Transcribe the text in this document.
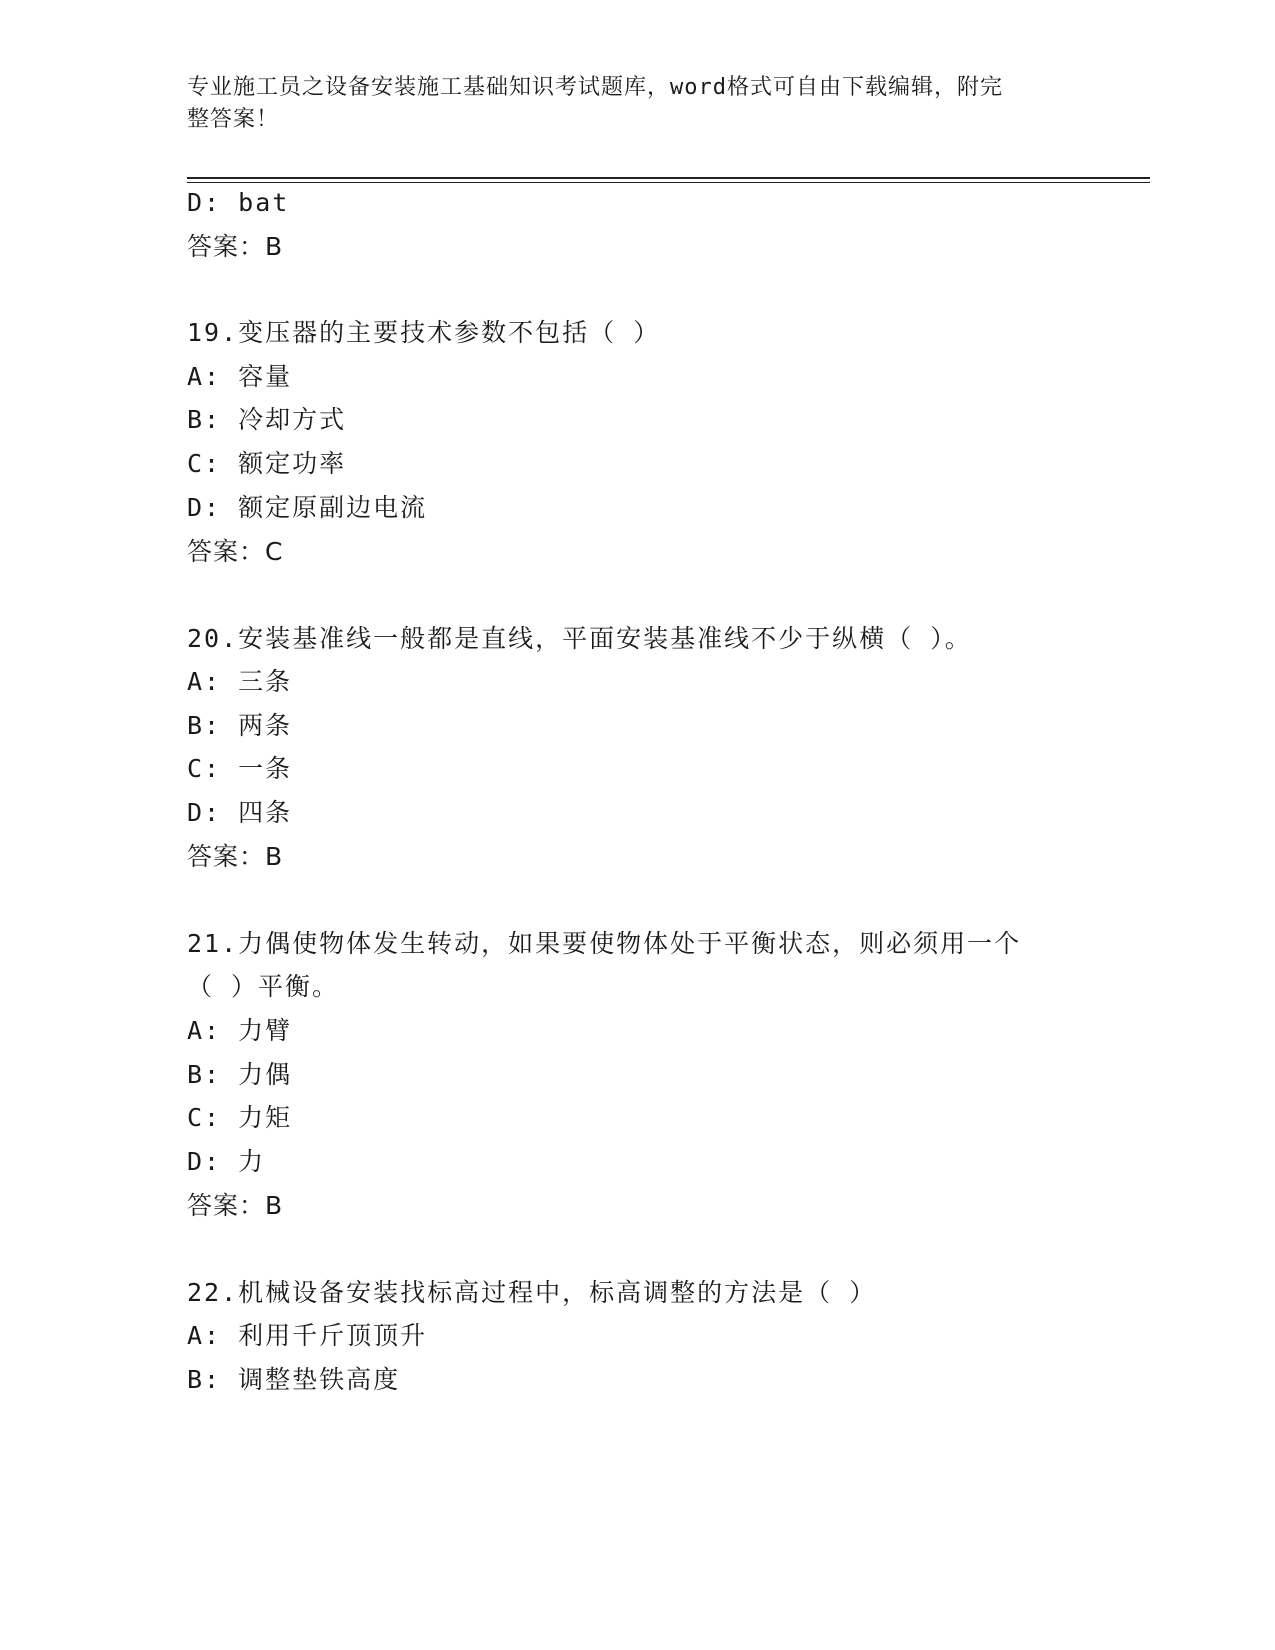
专业施工员之设备安装施工基础知识考试题库，word格式可自由下载编辑，附完
整答案！
D: bat
答案：B
19.变压器的主要技术参数不包括（ ）
A: 容量
B: 冷却方式
C: 额定功率
D: 额定原副边电流
答案：C
20.安装基准线一般都是直线，平面安装基准线不少于纵横（ ）。
A: 三条
B: 两条
C: 一条
D: 四条
答案：B
21.力偶使物体发生转动，如果要使物体处于平衡状态，则必须用一个
（ ）平衡。
A: 力臂
B: 力偶
C: 力矩
D: 力
答案：B
22.机械设备安装找标高过程中，标高调整的方法是（ ）
A: 利用千斤顶顶升
B: 调整垫铁高度
